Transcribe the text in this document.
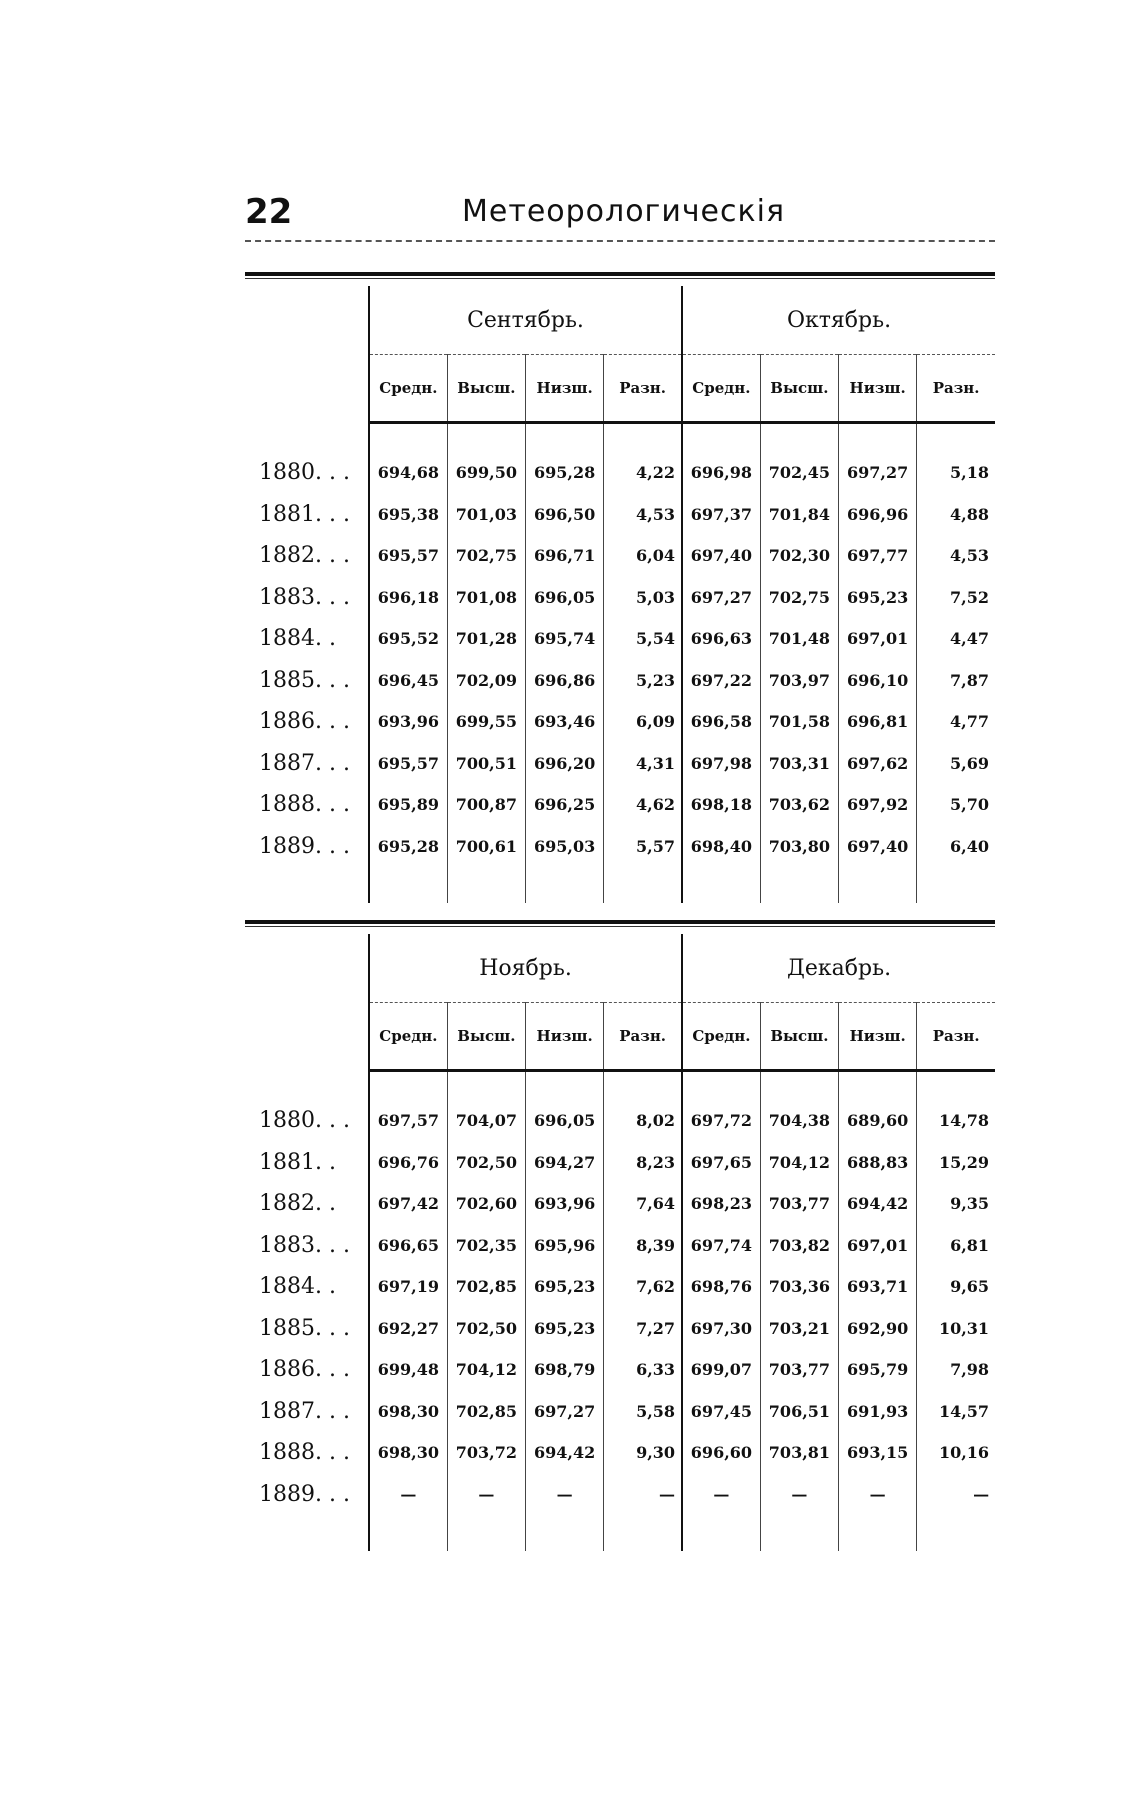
22	Метеорологическія
	Сентябрь.				Октябрь.			
	Средн.	Высш.	Низш.	Разн.	Средн.	Высш.	Низш.	Разн.

1880. . .	694,68	699,50	695,28	4,22	696,98	702,45	697,27	5,18
1881. . .	695,38	701,03	696,50	4,53	697,37	701,84	696,96	4,88
1882. . .	695,57	702,75	696,71	6,04	697,40	702,30	697,77	4,53
1883. . .	696,18	701,08	696,05	5,03	697,27	702,75	695,23	7,52
1884. .	695,52	701,28	695,74	5,54	696,63	701,48	697,01	4,47
1885. . .	696,45	702,09	696,86	5,23	697,22	703,97	696,10	7,87
1886. . .	693,96	699,55	693,46	6,09	696,58	701,58	696,81	4,77
1887. . .	695,57	700,51	696,20	4,31	697,98	703,31	697,62	5,69
1888. . .	695,89	700,87	696,25	4,62	698,18	703,62	697,92	5,70
1889. . .	695,28	700,61	695,03	5,57	698,40	703,80	697,40	6,40

	Ноябрь.				Декабрь.			
	Средн.	Высш.	Низш.	Разн.	Средн.	Высш.	Низш.	Разн.

1880. . .	697,57	704,07	696,05	8,02	697,72	704,38	689,60	14,78
1881. .	696,76	702,50	694,27	8,23	697,65	704,12	688,83	15,29
1882. .	697,42	702,60	693,96	7,64	698,23	703,77	694,42	9,35
1883. . .	696,65	702,35	695,96	8,39	697,74	703,82	697,01	6,81
1884. .	697,19	702,85	695,23	7,62	698,76	703,36	693,71	9,65
1885. . .	692,27	702,50	695,23	7,27	697,30	703,21	692,90	10,31
1886. . .	699,48	704,12	698,79	6,33	699,07	703,77	695,79	7,98
1887. . .	698,30	702,85	697,27	5,58	697,45	706,51	691,93	14,57
1888. . .	698,30	703,72	694,42	9,30	696,60	703,81	693,15	10,16
1889. . .	—	—	—	—	—	—	—	—
